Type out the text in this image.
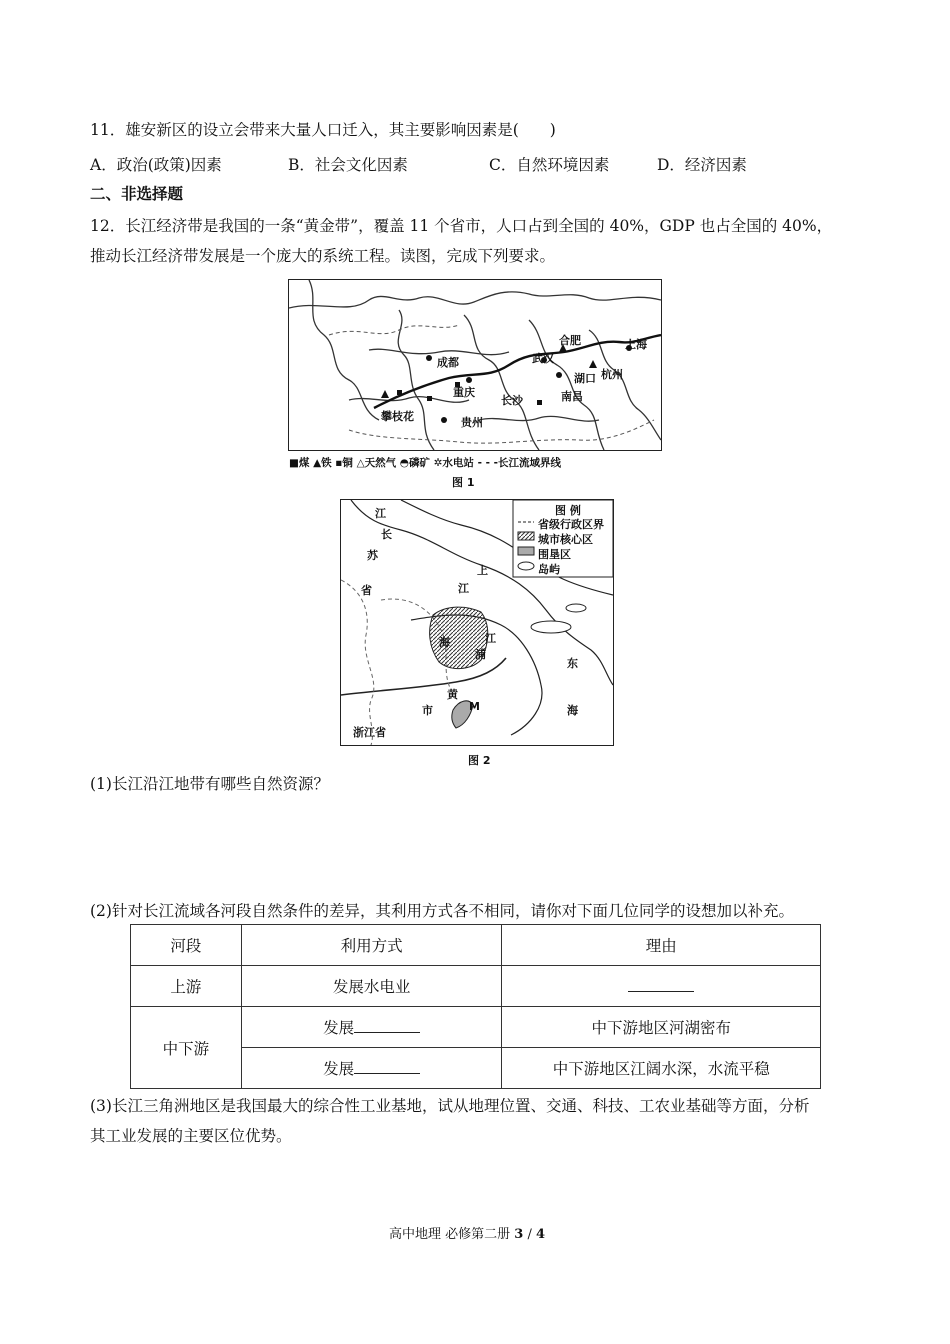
11．雄安新区的设立会带来大量人口迁入，其主要影响因素是(　　)
A．政治(政策)因素	B．社会文化因素	C．自然环境因素	D．经济因素
二、非选择题
12．长江经济带是我国的一条“黄金带”，覆盖 11 个省市，人口占到全国的 40%，GDP 也占全国的 40%，
推动长江经济带发展是一个庞大的系统工程。读图，完成下列要求。
合肥	上海
成都	武汉
重庆
杭州
湖口
长沙	南昌
攀枝花	贵州
■煤 ▲铁 ▪铜 △天然气 ◓磷矿 ✲水电站 - - -长江流域界线
图 1
图 例
省级行政区界
城市核心区
围垦区
岛屿
江
长
苏
省
上
江
海	江
浦
东
黄
市	M	海
浙江省
图 2
(1)长江沿江地带有哪些自然资源？
(2)针对长江流域各河段自然条件的差异，其利用方式各不相同，请你对下面几位同学的设想加以补充。
河段	利用方式	理由
上游	发展水电业	
中下游	发展	中下游地区河湖密布
	发展	中下游地区江阔水深，水流平稳
(3)长江三角洲地区是我国最大的综合性工业基地，试从地理位置、交通、科技、工农业基础等方面，分析
其工业发展的主要区位优势。
高中地理 必修第二册 3 / 4
